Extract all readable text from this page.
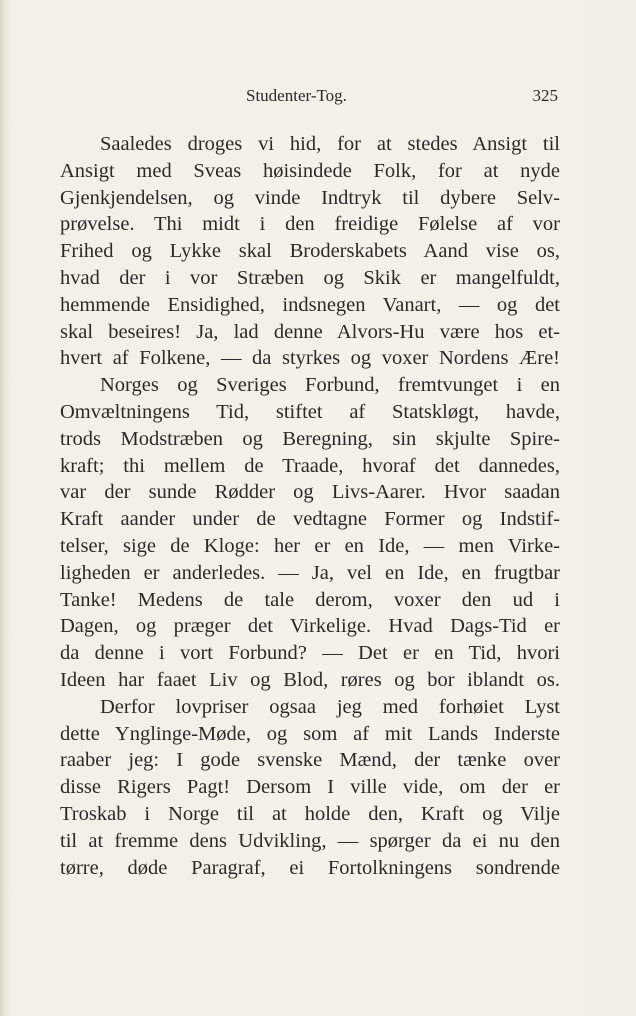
Studenter-Tog.	325
Saaledes droges vi hid, for at stedes Ansigt til
Ansigt med Sveas høisindede Folk, for at nyde
Gjenkjendelsen, og vinde Indtryk til dybere Selv-
prøvelse. Thi midt i den freidige Følelse af vor
Frihed og Lykke skal Broderskabets Aand vise os,
hvad der i vor Stræben og Skik er mangelfuldt,
hemmende Ensidighed, indsnegen Vanart, — og det
skal beseires! Ja, lad denne Alvors-Hu være hos et-
hvert af Folkene, — da styrkes og voxer Nordens Ære!
Norges og Sveriges Forbund, fremtvunget i en
Omvæltningens Tid, stiftet af Statskløgt, havde,
trods Modstræben og Beregning, sin skjulte Spire-
kraft; thi mellem de Traade, hvoraf det dannedes,
var der sunde Rødder og Livs-Aarer. Hvor saadan
Kraft aander under de vedtagne Former og Indstif-
telser, sige de Kloge: her er en Ide, — men Virke-
ligheden er anderledes. — Ja, vel en Ide, en frugtbar
Tanke! Medens de tale derom, voxer den ud i
Dagen, og præger det Virkelige. Hvad Dags-Tid er
da denne i vort Forbund? — Det er en Tid, hvori
Ideen har faaet Liv og Blod, røres og bor iblandt os.
Derfor lovpriser ogsaa jeg med forhøiet Lyst
dette Ynglinge-Møde, og som af mit Lands Inderste
raaber jeg: I gode svenske Mænd, der tænke over
disse Rigers Pagt! Dersom I ville vide, om der er
Troskab i Norge til at holde den, Kraft og Vilje
til at fremme dens Udvikling, — spørger da ei nu den
tørre, døde Paragraf, ei Fortolkningens sondrende
